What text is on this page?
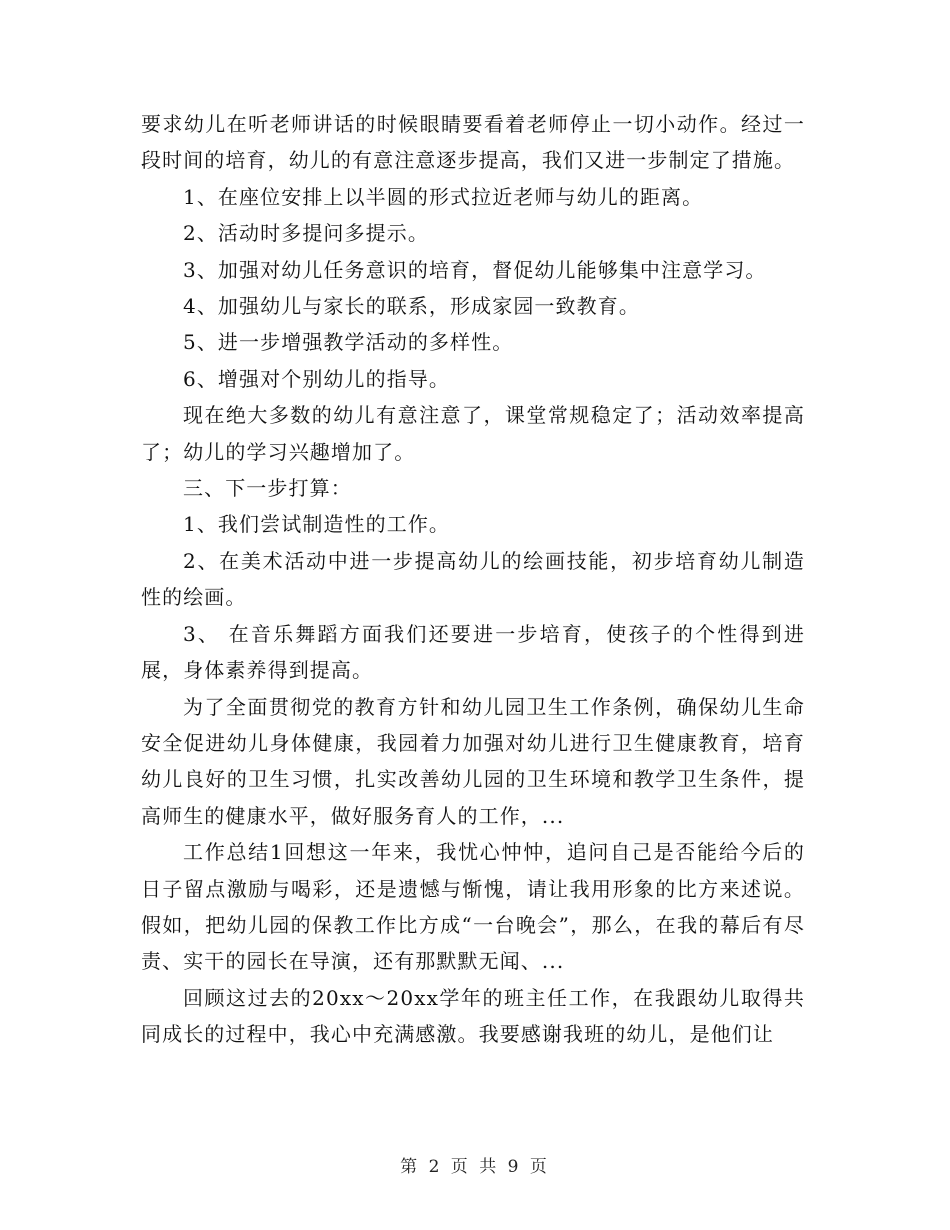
要求幼儿在听老师讲话的时候眼睛要看着老师停止一切小动作。经过一段时间的培育，幼儿的有意注意逐步提高，我们又进一步制定了措施。

1、在座位安排上以半圆的形式拉近老师与幼儿的距离。

2、活动时多提问多提示。

3、加强对幼儿任务意识的培育，督促幼儿能够集中注意学习。

4、加强幼儿与家长的联系，形成家园一致教育。

5、进一步增强教学活动的多样性。

6、增强对个别幼儿的指导。

现在绝大多数的幼儿有意注意了，课堂常规稳定了；活动效率提高了；幼儿的学习兴趣增加了。

三、下一步打算：

1、我们尝试制造性的工作。

2、在美术活动中进一步提高幼儿的绘画技能，初步培育幼儿制造性的绘画。

3、 在音乐舞蹈方面我们还要进一步培育，使孩子的个性得到进展，身体素养得到提高。

为了全面贯彻党的教育方针和幼儿园卫生工作条例，确保幼儿生命安全促进幼儿身体健康，我园着力加强对幼儿进行卫生健康教育，培育幼儿良好的卫生习惯，扎实改善幼儿园的卫生环境和教学卫生条件，提高师生的健康水平，做好服务育人的工作，...

工作总结1回想这一年来，我忧心忡忡，追问自己是否能给今后的日子留点激励与喝彩，还是遗憾与惭愧，请让我用形象的比方来述说。假如，把幼儿园的保教工作比方成“一台晚会”，那么，在我的幕后有尽责、实干的园长在导演，还有那默默无闻、...

回顾这过去的20xx～20xx学年的班主任工作，在我跟幼儿取得共同成长的过程中，我心中充满感激。我要感谢我班的幼儿，是他们让

第 2 页 共 9 页
